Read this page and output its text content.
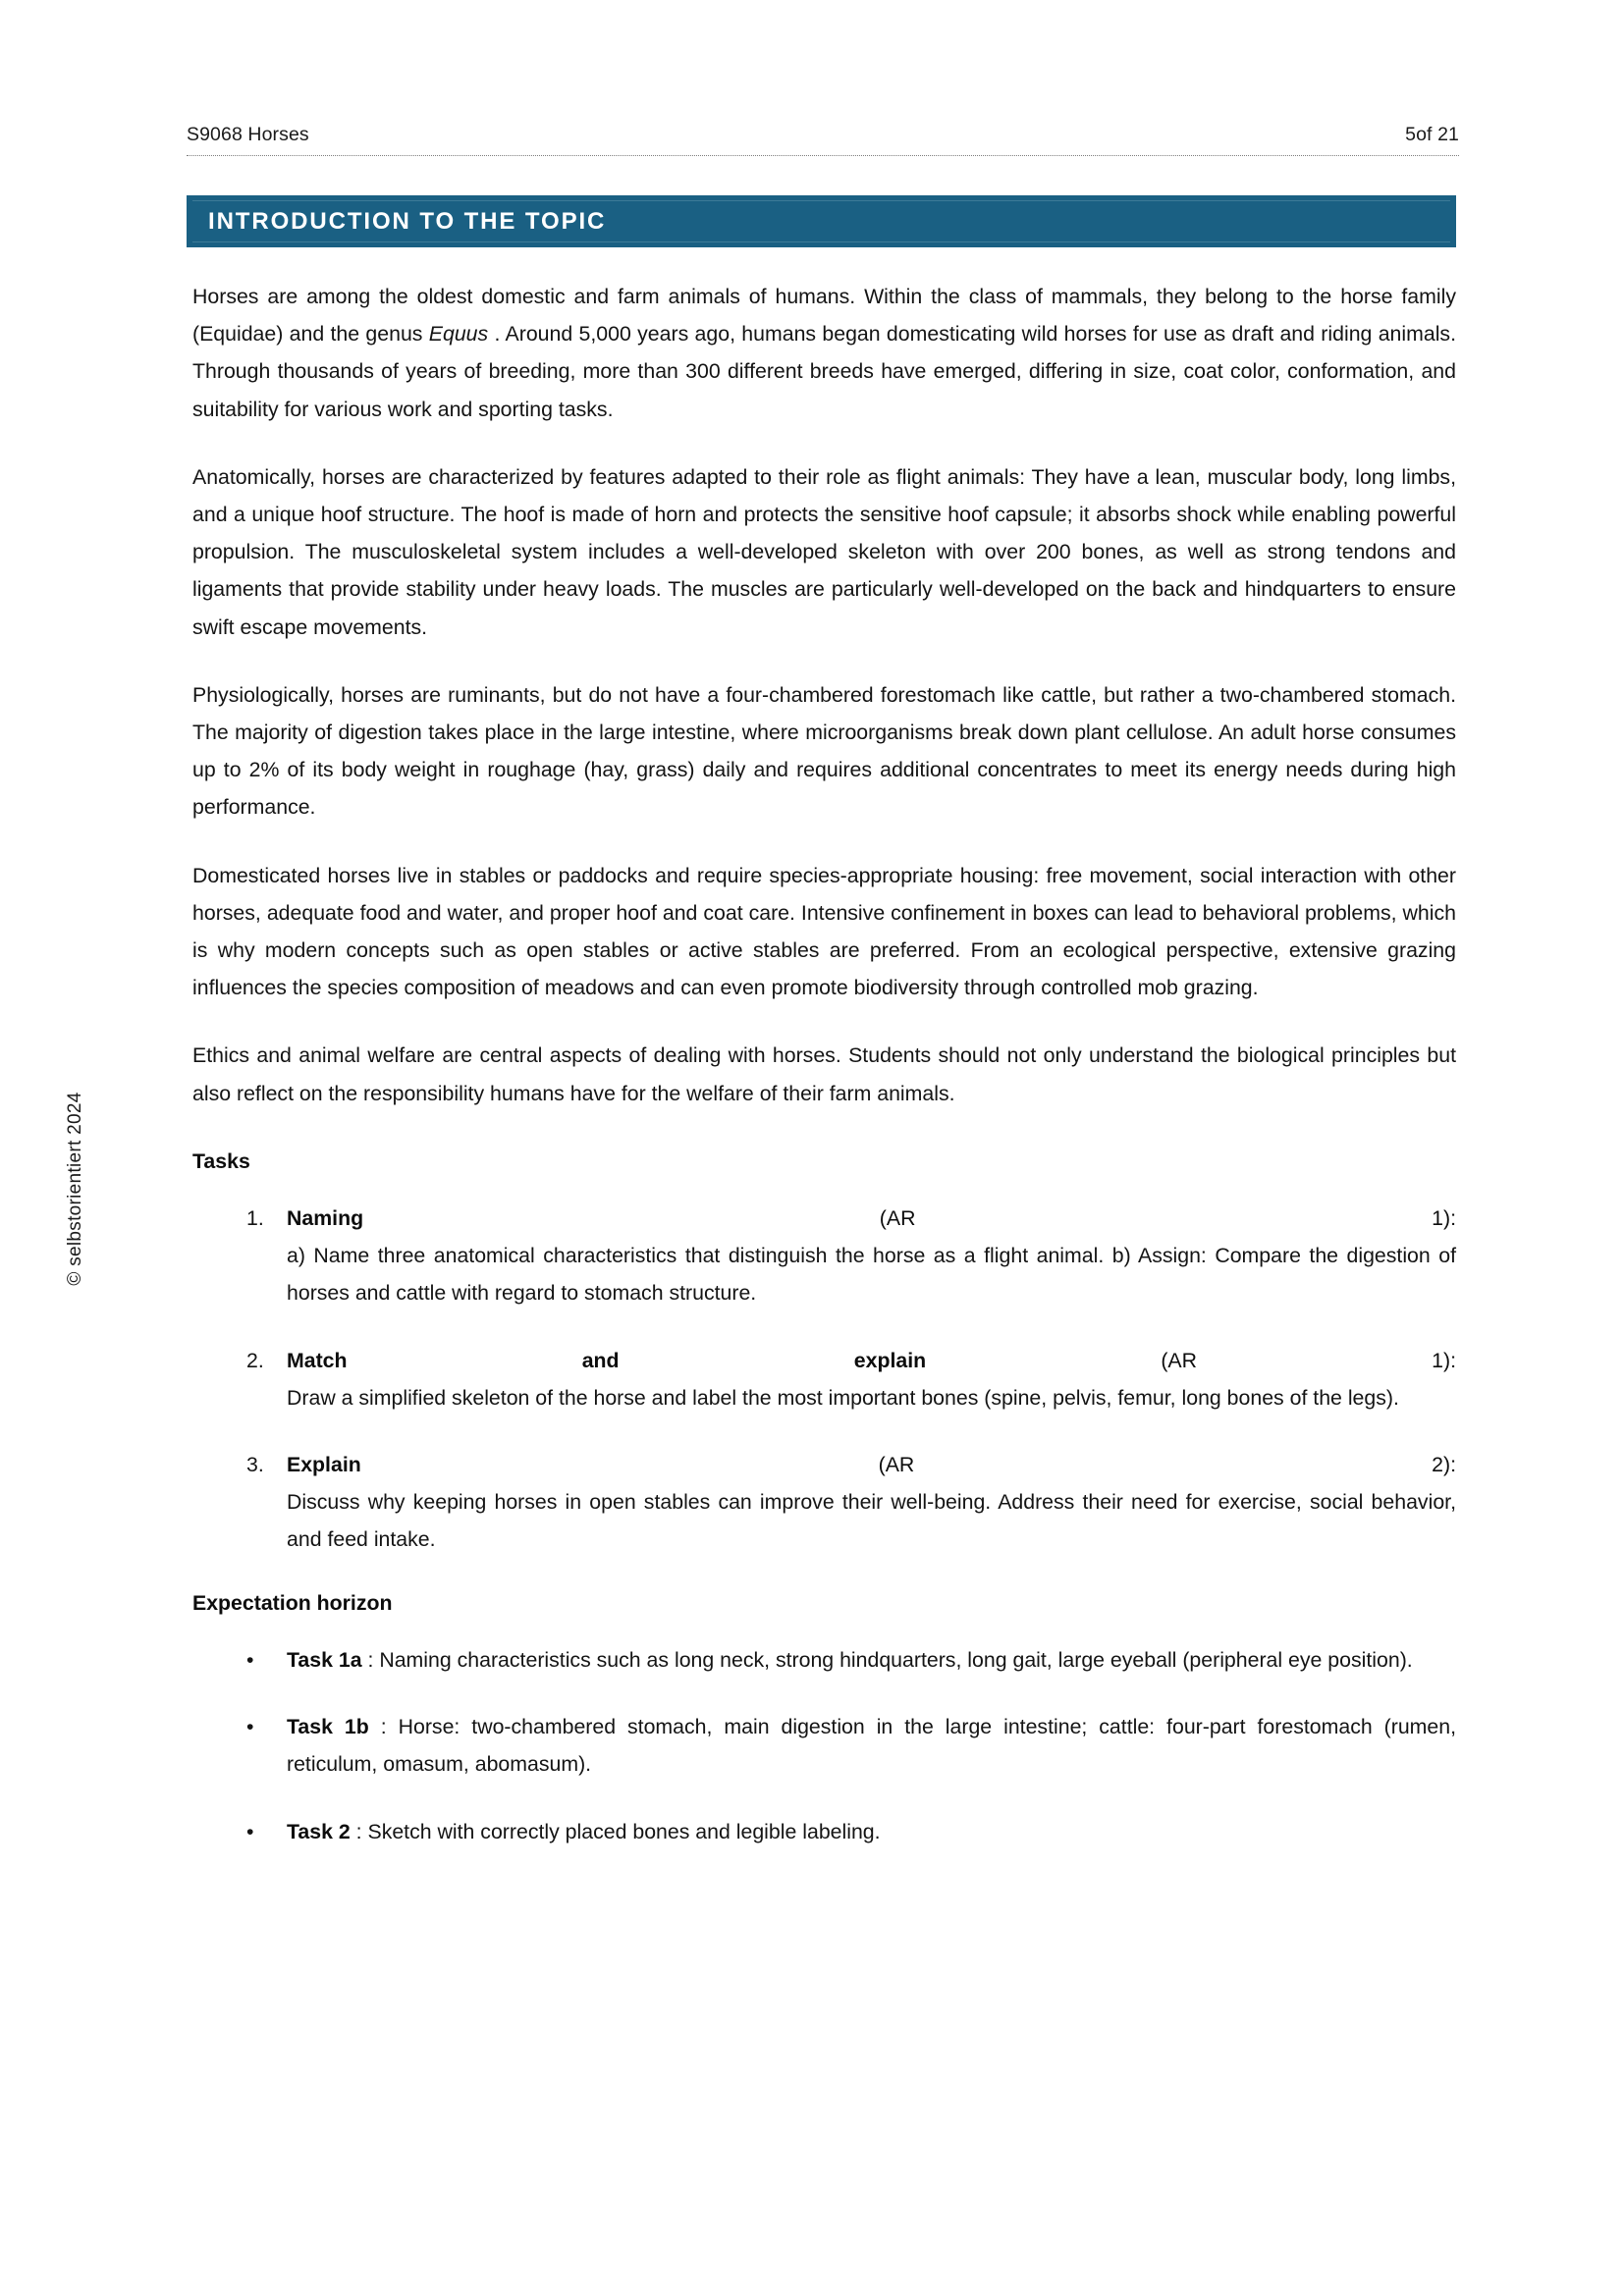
S9068 Horses	5of 21
© selbstorientiert 2024
INTRODUCTION TO THE TOPIC

Horses are among the oldest domestic and farm animals of humans. Within the class of mammals, they belong to the horse family (Equidae) and the genus Equus . Around 5,000 years ago, humans began domesticating wild horses for use as draft and riding animals. Through thousands of years of breeding, more than 300 different breeds have emerged, differing in size, coat color, conformation, and suitability for various work and sporting tasks.

Anatomically, horses are characterized by features adapted to their role as flight animals: They have a lean, muscular body, long limbs, and a unique hoof structure. The hoof is made of horn and protects the sensitive hoof capsule; it absorbs shock while enabling powerful propulsion. The musculoskeletal system includes a well-developed skeleton with over 200 bones, as well as strong tendons and ligaments that provide stability under heavy loads. The muscles are particularly well-developed on the back and hindquarters to ensure swift escape movements.

Physiologically, horses are ruminants, but do not have a four-chambered forestomach like cattle, but rather a two-chambered stomach. The majority of digestion takes place in the large intestine, where microorganisms break down plant cellulose. An adult horse consumes up to 2% of its body weight in roughage (hay, grass) daily and requires additional concentrates to meet its energy needs during high performance.

Domesticated horses live in stables or paddocks and require species-appropriate housing: free movement, social interaction with other horses, adequate food and water, and proper hoof and coat care. Intensive confinement in boxes can lead to behavioral problems, which is why modern concepts such as open stables or active stables are preferred. From an ecological perspective, extensive grazing influences the species composition of meadows and can even promote biodiversity through controlled mob grazing.

Ethics and animal welfare are central aspects of dealing with horses. Students should not only understand the biological principles but also reflect on the responsibility humans have for the welfare of their farm animals.

Tasks
Naming	(AR	1):
a) Name three anatomical characteristics that distinguish the horse as a flight animal. b) Assign: Compare the digestion of horses and cattle with regard to stomach structure.
Match	and	explain	(AR	1):
Draw a simplified skeleton of the horse and label the most important bones (spine, pelvis, femur, long bones of the legs).
Explain	(AR	2):
Discuss why keeping horses in open stables can improve their well-being. Address their need for exercise, social behavior, and feed intake.
Expectation horizon
• Task 1a : Naming characteristics such as long neck, strong hindquarters, long gait, large eyeball (peripheral eye position).
• Task 1b : Horse: two-chambered stomach, main digestion in the large intestine; cattle: four-part forestomach (rumen, reticulum, omasum, abomasum).
• Task 2 : Sketch with correctly placed bones and legible labeling.
